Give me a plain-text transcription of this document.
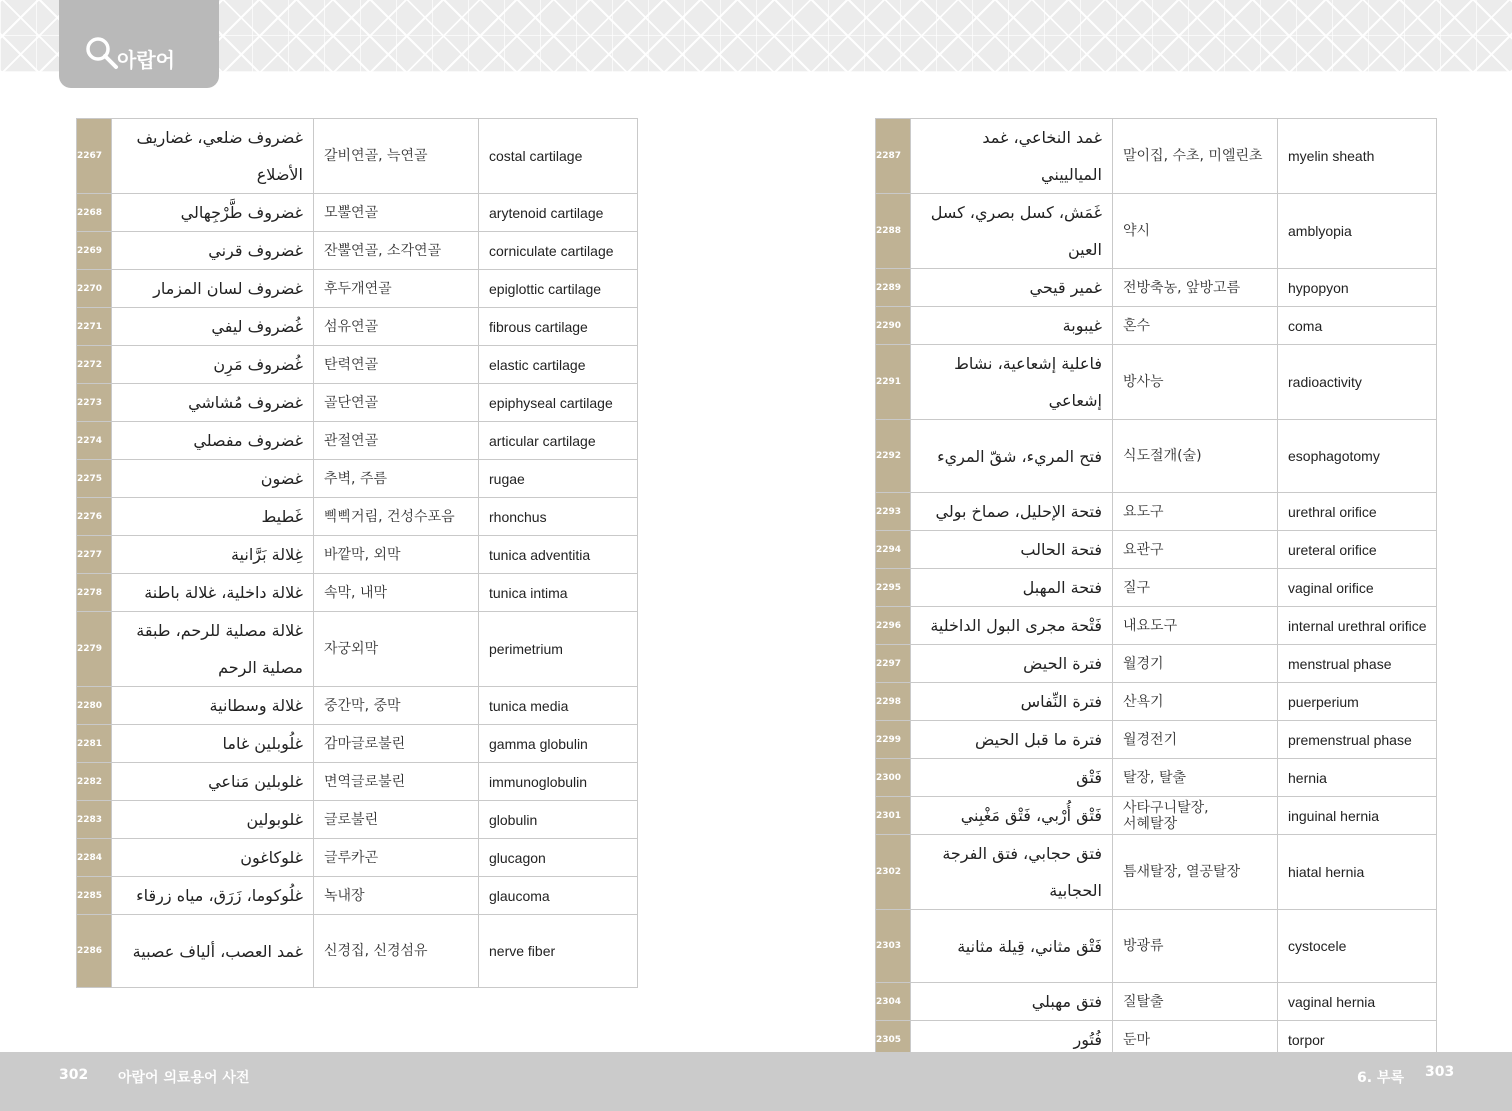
아랍어
2267	غضروف ضلعي، غضاريف الأضلاع	갈비연골, 늑연골	costal cartilage
2268	غضروف طَّرْجِهالي	모뿔연골	arytenoid cartilage
2269	غضروف قرني	잔뿔연골, 소각연골	corniculate cartilage
2270	غضروف لسان المزمار	후두개연골	epiglottic cartilage
2271	غُضروف ليفي	섬유연골	fibrous cartilage
2272	غُضروف مَرِن	탄력연골	elastic cartilage
2273	غضروف مُشاشي	골단연골	epiphyseal cartilage
2274	غضروف مفصلي	관절연골	articular cartilage
2275	غضون	추벽, 주름	rugae
2276	غَطيط	삑삑거림, 건성수포음	rhonchus
2277	غِلالة بَرَّانية	바깥막, 외막	tunica adventitia
2278	غلالة داخلية، غلالة باطنة	속막, 내막	tunica intima
2279	غلالة مصلية للرحم، طبقة مصلية الرحم	자궁외막	perimetrium
2280	غلالة وسطانية	중간막, 중막	tunica media
2281	غلُوبلين غاما	감마글로불린	gamma globulin
2282	غلوبلين مَناعي	면역글로불린	immunoglobulin
2283	غلوبولين	글로불린	globulin
2284	غلوكاغون	글루카곤	glucagon
2285	غلُوكوما، زَرَق، مياه زرقاء	녹내장	glaucoma
2286	غمد العصب، ألياف عصبية	신경집, 신경섬유	nerve fiber
2287	غمد النخاعي، غمد الميالييني	말이집, 수초, 미엘린초	myelin sheath
2288	غَمَش، كسل بصري، كسل العين	약시	amblyopia
2289	غمير قيحي	전방축농, 앞방고름	hypopyon
2290	غيبوبة	혼수	coma
2291	فاعلية إشعاعية، نشاط إشعاعي	방사능	radioactivity
2292	فتح المريء، شقّ المريء	식도절개(술)	esophagotomy
2293	فتحة الإحليل، صماخ بولي	요도구	urethral orifice
2294	فتحة الحالب	요관구	ureteral orifice
2295	فتحة المهبل	질구	vaginal orifice
2296	فَتْحة مجرى البول الداخلية	내요도구	internal urethral orifice
2297	فترة الحيض	월경기	menstrual phase
2298	فترة النِّفاس	산욕기	puerperium
2299	فترة ما قبل الحيض	월경전기	premenstrual phase
2300	فَتْق	탈장, 탈출	hernia
2301	فَتْق أُرْبي، فَتْق مَغْبِني	사타구니탈장,
서혜탈장	inguinal hernia
2302	فتق حجابي، فتق الفرجة الحجابية	틈새탈장, 열공탈장	hiatal hernia
2303	فَتْق مثاني، قِيلة مثانية	방광류	cystocele
2304	فتق مهبلي	질탈출	vaginal hernia
2305	فُتُور	둔마	torpor

302 아랍어 의료용어 사전	6. 부록 303
